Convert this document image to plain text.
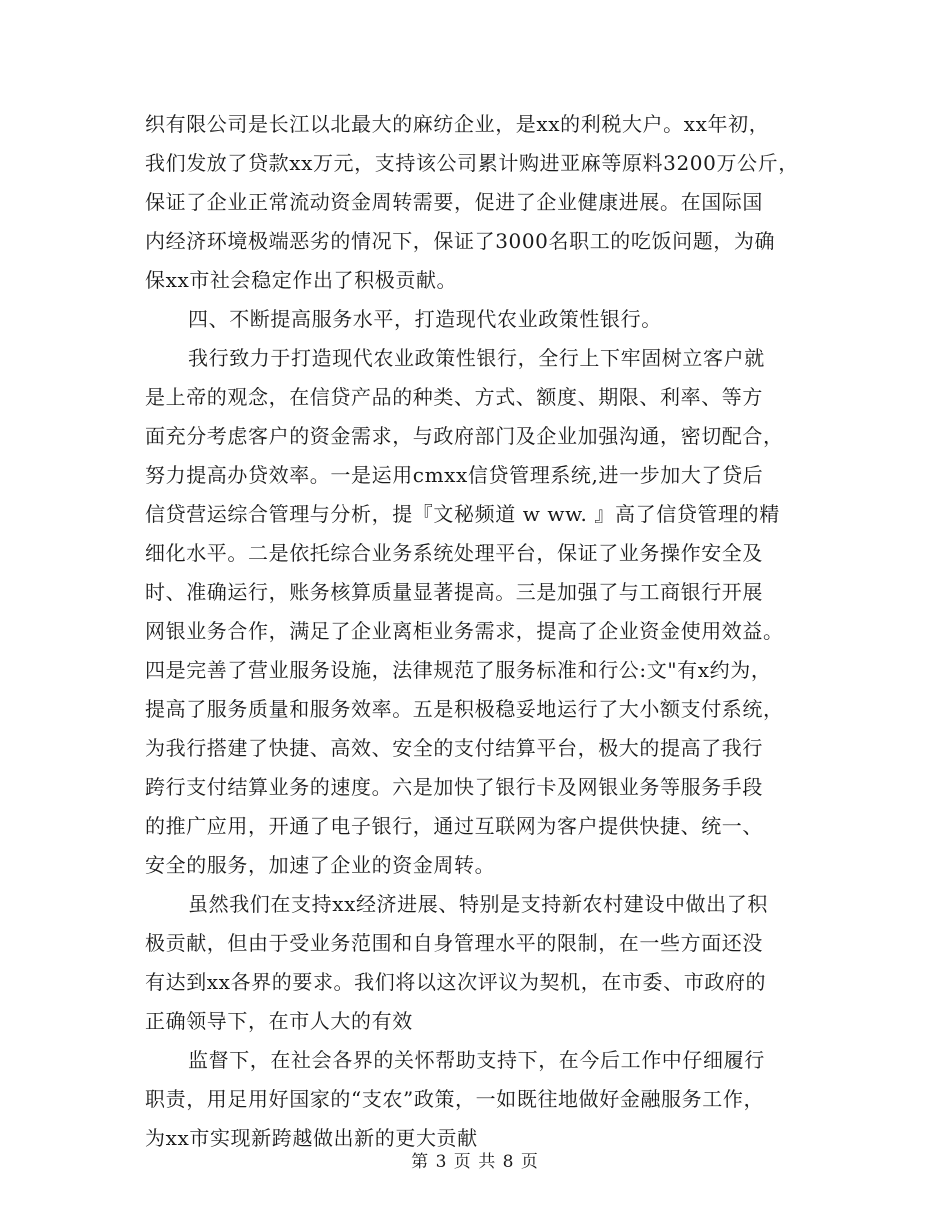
织有限公司是长江以北最大的麻纺企业，是xx的利税大户。xx年初，
我们发放了贷款xx万元，支持该公司累计购进亚麻等原料3200万公斤，
保证了企业正常流动资金周转需要，促进了企业健康进展。在国际国
内经济环境极端恶劣的情况下，保证了3000名职工的吃饭问题，为确
保xx市社会稳定作出了积极贡献。
四、不断提高服务水平，打造现代农业政策性银行。
我行致力于打造现代农业政策性银行，全行上下牢固树立客户就
是上帝的观念，在信贷产品的种类、方式、额度、期限、利率、等方
面充分考虑客户的资金需求，与政府部门及企业加强沟通，密切配合，
努力提高办贷效率。一是运用cmxx信贷管理系统,进一步加大了贷后
信贷营运综合管理与分析，提『文秘频道 w ww. 』高了信贷管理的精
细化水平。二是依托综合业务系统处理平台，保证了业务操作安全及
时、准确运行，账务核算质量显著提高。三是加强了与工商银行开展
网银业务合作，满足了企业离柜业务需求，提高了企业资金使用效益。
四是完善了营业服务设施，法律规范了服务标准和行公:文"有x约为，
提高了服务质量和服务效率。五是积极稳妥地运行了大小额支付系统，
为我行搭建了快捷、高效、安全的支付结算平台，极大的提高了我行
跨行支付结算业务的速度。六是加快了银行卡及网银业务等服务手段
的推广应用，开通了电子银行，通过互联网为客户提供快捷、统一、
安全的服务，加速了企业的资金周转。
虽然我们在支持xx经济进展、特别是支持新农村建设中做出了积
极贡献，但由于受业务范围和自身管理水平的限制，在一些方面还没
有达到xx各界的要求。我们将以这次评议为契机，在市委、市政府的
正确领导下，在市人大的有效
监督下，在社会各界的关怀帮助支持下，在今后工作中仔细履行
职责，用足用好国家的“支农”政策，一如既往地做好金融服务工作，
为xx市实现新跨越做出新的更大贡献
第 3 页 共 8 页
